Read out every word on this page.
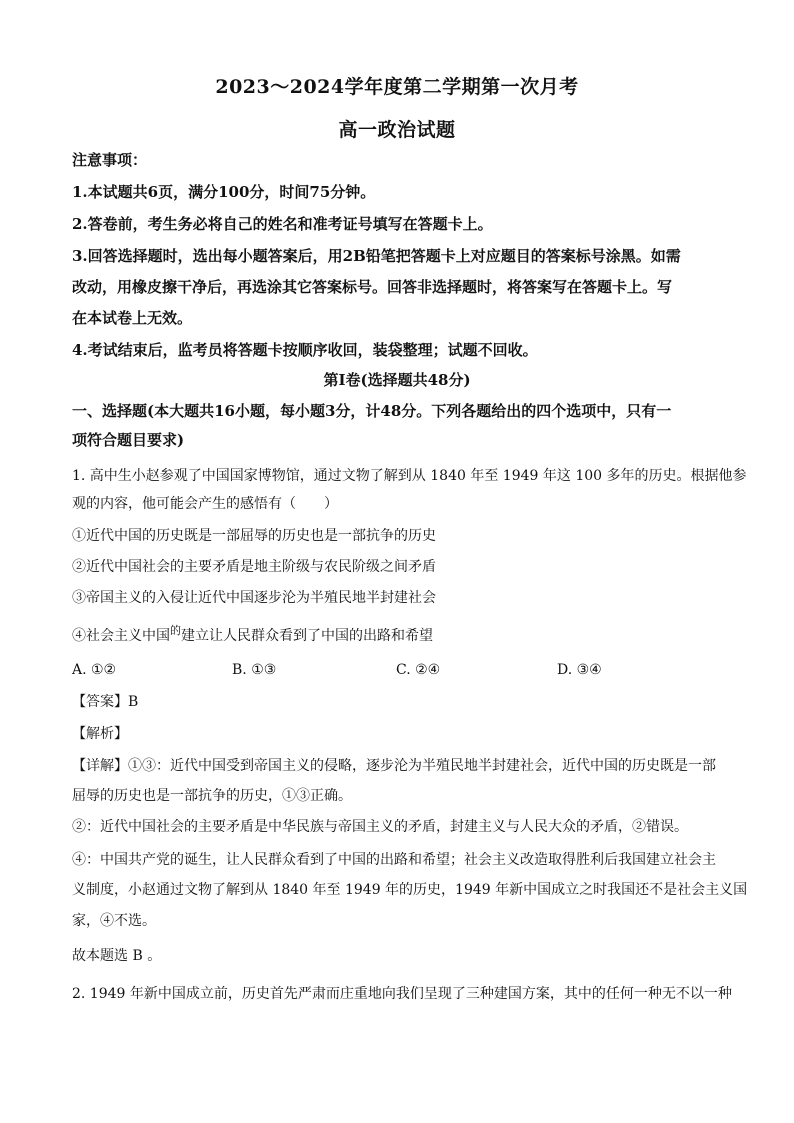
2023～2024学年度第二学期第一次月考
高一政治试题
注意事项：
1.本试题共6页，满分100分，时间75分钟。
2.答卷前，考生务必将自己的姓名和准考证号填写在答题卡上。
3.回答选择题时，选出每小题答案后，用2B铅笔把答题卡上对应题目的答案标号涂黑。如需
改动，用橡皮擦干净后，再选涂其它答案标号。回答非选择题时，将答案写在答题卡上。写
在本试卷上无效。
4.考试结束后，监考员将答题卡按顺序收回，装袋整理；试题不回收。
第Ⅰ卷(选择题共48分)
一、选择题(本大题共16小题，每小题3分，计48分。下列各题给出的四个选项中，只有一
项符合题目要求)
1. 高中生小赵参观了中国国家博物馆，通过文物了解到从 1840 年至 1949 年这 100 多年的历史。根据他参
观的内容，他可能会产生的感悟有（　　）
①近代中国的历史既是一部屈辱的历史也是一部抗争的历史
②近代中国社会的主要矛盾是地主阶级与农民阶级之间矛盾
③帝国主义的入侵让近代中国逐步沦为半殖民地半封建社会
④社会主义中国$^的$建立让人民群众看到了中国的出路和希望
A. ①②	B. ①③	C. ②④	D. ③④
【答案】B
【解析】
【详解】①③：近代中国受到帝国主义的侵略，逐步沦为半殖民地半封建社会，近代中国的历史既是一部
屈辱的历史也是一部抗争的历史，①③正确。
②：近代中国社会的主要矛盾是中华民族与帝国主义的矛盾，封建主义与人民大众的矛盾，②错误。
④：中国共产党的诞生，让人民群众看到了中国的出路和希望；社会主义改造取得胜利后我国建立社会主
义制度，小赵通过文物了解到从 1840 年至 1949 年的历史，1949 年新中国成立之时我国还不是社会主义国
家，④不选。
故本题选 B 。
2. 1949 年新中国成立前，历史首先严肃而庄重地向我们呈现了三种建国方案，其中的任何一种无不以一种
